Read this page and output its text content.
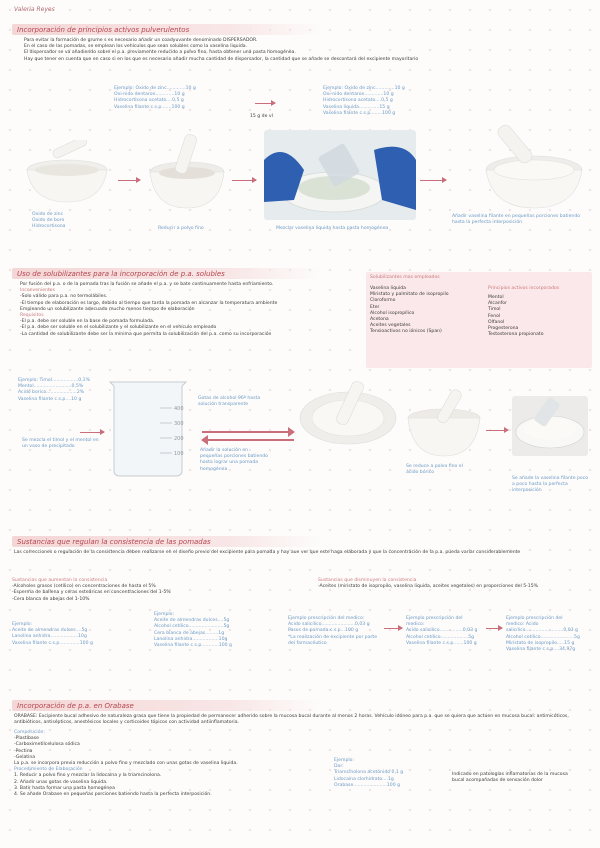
Valeria Reyes
Incorporación de principios activos pulverulentos
Para evitar la formación de grume s es necesario añadir un coadyuvante denominado DISPERSADOR.
En el caso de las pomadas, se emplean los vehículos que sean solubles como la vaselina liquida.
El dispersador se va añadiendo sobre el p.a. previamente reducido a polvo fino, hasta obtener una pasta homogénea.
Hay que tener en cuenta que en caso si en los que es necesario añadir mucha cantidad de dispersador, la cantidad que se añade se descontará del excipiente mayoritario
Ejemplo: Oxido de zinc.............10 g
Oxi-nido dentaron.............10 g
Hidrocortisona acetato....0,5 g
Vaselina filante c.s.p.......100 g
15 g de vl
Ejemplo: Oxido de zinc.............10 g
Oxi-nido dentaron.............10 g
Hidrocortisona acetato....0,5 g
Vaselina liquida..............15 g
Vaselina filante c.s.p........100 g
Oxido de zinc
Oxido de boro
Hidrocortisona	Reducir a polvo fino	Mezclar vaselina liquida hasta pasta homogénea
Añadir vaselina filante en pequeñas porciones batiendo hasta la perfecta interposición
Uso de solubilizantes para la incorporación de p.a. solubles
Por fusión del p.a. o de la pomada tras la fusión se añade el p.a. y se bate continuamente hasta enfriamiento.
Inconvenientes
-Solo válido para p.a. no termolábiles.
-El tiempo de elaboración es largo, debido al tiempo que tarda la pomada en alcanzar la temperatura ambiente
Empleando un solubilizante adecuado mucho menos tiempo de elaboración
Requisitos
-El p.a. debe ser soluble en la base de pomada formulada.
-El p.a. debe ser soluble en el solubilizante y el solubilizante en el vehículo empleado
-La cantidad de solubilizante debe ser la mínima que permita la solubilización del p.a. como su incorporación
Solubilizantes mas empleados
Principios activos incorporados
Vaselina liquida
Miristato y palmitato de isopropilo
Cloroformo
Eter
Alcohol isopropílico
Acetona
Aceites vegetales
Tensioactivos no iónicos (Span)
Mentol
Alcanfor
Timol
Fenol
Olfanol
Progesterona
Testosterona propionato
Ejemplo: Timol..................0,1%
Mentol..........................0,5%
Acido borico.....................2%
Vaselina filante c.s.p....10 g
Se mezcla el timol y el mentol en un vaso de precipitado
400
300
200
100
Gotas de alcohol 96º hasta solución transparente
Añadir la solución en pequeñas porciones batiendo hasta lograr una pomada homogénea
Se reduce a polvo fino el ácido bórico
Se añade la vaselina filante poco a poco hasta la perfecta interposición
Sustancias que regulan la consistencia de las pomadas
Las correcciones o regulación de la consistencia deben realizarse en el diseño previo del excipiente para pomada y hay aue ver que este haga elaborada y que la concentración de la p.a. pueda variar considerablemente
Sustancias que aumentan la consistencia
-Alcoholes grasos (cetílico) en concentraciones de hasta el 5%
-Esperma de ballena y ceras esteáricas en concentraciones del 1-5%
-Cera blanca de abejas del 1-10%
Sustancias que disminuyen la consistencia
-Aceites (miristato de isopropilo, vaselina liquida, aceites vegetales) en proporciones del 5-15%
Ejemplo:
Aceite de almendras dulces....5g
Lanolina anhidra...................10g
Vaselina filante c.s.p..............100 g
Ejemplo:
Aceite de almendras dulces....5g
Alcohol cetílico........................5g
Cera blanca de abejas.........1g
Lanolina anhidra..................10g
Vaselina filante c.s.p............100 g
Ejemplo prescripción del medico:
Acido salicílico.......................0,03 g
Pasos de pomada c.s.p...100 g
*La realización de excipiente por parte
del farmacéutico
Ejemplo prescripción del
medico:
Acido salicílico................0,03 g
Alcohol cetílico...................5g
Vaselina filante c.s.p.......100 g
Ejemplo prescripción del
medico: Acido
salicílico..........................0,03 g
Alcohol cetílico.......................5g
Miristato de isopropilo.....15 g
Vaselina filante c.s.p....34,97g
Incorporación de p.a. en Orabase
ORABASE: Excipiente bucal adhesivo de naturaleza grasa que tiene la propiedad de permanecer adherido sobre la mucosa bucal durante al menos 2 horas. Vehículo idóneo para p.a. que se quiera que actúen en mucosa bucal: antimicóticos, antibióticos, antisépticos, anestésicos locales y corticoides tópicos con actividad antiinflamatoria.
Composición:
-Plastibase
-Carboximetilcelulosa sódica
-Pectina
-Gelatina
La p.a. se incorpora previa reducción a polvo fino y mezclado con unas gotas de vaselina liquida.
Procedimiento de Elaboración
1. Reducir a polvo fino y mezclar la lidocaína y la triamcinolona.
2. Añadir unas gotas de vaselina liquida.
3. Batir hasta formar una pasta homogénea
4. Se añade Orabase en pequeñas porciones batiendo hasta la perfecta interposición.
Ejemplo:
Dar:
Triamcinolona acetónido 0,1 g
Lidocaína clorhidrato....1g
Orabase.......................100 g
Indicado en patologías inflamatorias de la mucosa bucal acompañadas de sensación dolor
